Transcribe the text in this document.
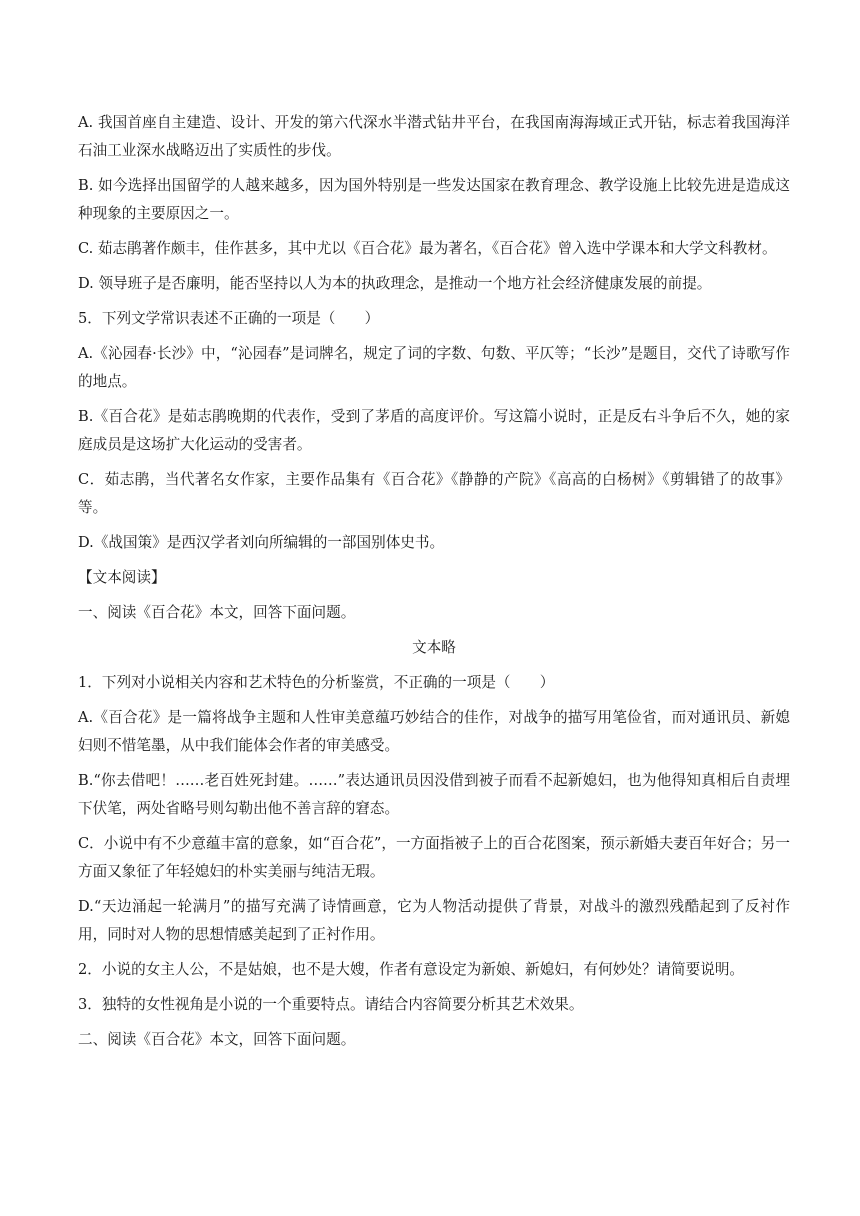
A. 我国首座自主建造、设计、开发的第六代深水半潜式钻井平台，在我国南海海域正式开钻，标志着我国海洋石油工业深水战略迈出了实质性的步伐。

B. 如今选择出国留学的人越来越多，因为国外特别是一些发达国家在教育理念、教学设施上比较先进是造成这种现象的主要原因之一。

C. 茹志鹃著作颇丰，佳作甚多，其中尤以《百合花》最为著名，《百合花》曾入选中学课本和大学文科教材。

D. 领导班子是否廉明，能否坚持以人为本的执政理念，是推动一个地方社会经济健康发展的前提。

5．下列文学常识表述不正确的一项是（　　）

A.《沁园春·长沙》中，“沁园春”是词牌名，规定了词的字数、句数、平仄等；“长沙”是题目，交代了诗歌写作的地点。

B.《百合花》是茹志鹃晚期的代表作，受到了茅盾的高度评价。写这篇小说时，正是反右斗争后不久，她的家庭成员是这场扩大化运动的受害者。

C．茹志鹃，当代著名女作家，主要作品集有《百合花》《静静的产院》《高高的白杨树》《剪辑错了的故事》等。

D.《战国策》是西汉学者刘向所编辑的一部国别体史书。

【文本阅读】

一、阅读《百合花》本文，回答下面问题。

文本略

1．下列对小说相关内容和艺术特色的分析鉴赏，不正确的一项是（　　）

A.《百合花》是一篇将战争主题和人性审美意蕴巧妙结合的佳作，对战争的描写用笔俭省，而对通讯员、新媳妇则不惜笔墨，从中我们能体会作者的审美感受。

B.“你去借吧！……老百姓死封建。……”表达通讯员因没借到被子而看不起新媳妇，也为他得知真相后自责埋下伏笔，两处省略号则勾勒出他不善言辞的窘态。

C．小说中有不少意蕴丰富的意象，如“百合花”，一方面指被子上的百合花图案，预示新婚夫妻百年好合；另一方面又象征了年轻媳妇的朴实美丽与纯洁无瑕。

D.“天边涌起一轮满月”的描写充满了诗情画意，它为人物活动提供了背景，对战斗的激烈残酷起到了反衬作用，同时对人物的思想情感美起到了正衬作用。

2．小说的女主人公，不是姑娘，也不是大嫂，作者有意设定为新娘、新媳妇，有何妙处？请简要说明。

3．独特的女性视角是小说的一个重要特点。请结合内容简要分析其艺术效果。

二、阅读《百合花》本文，回答下面问题。
